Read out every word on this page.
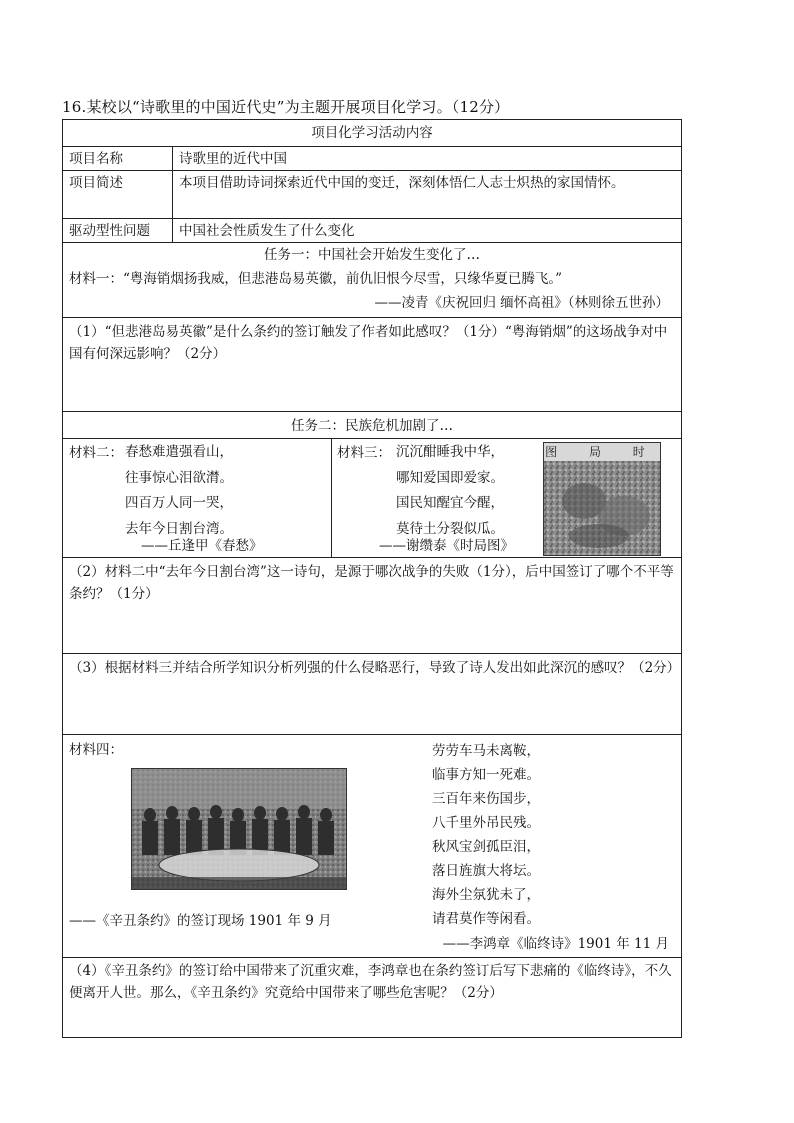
16.某校以“诗歌里的中国近代史”为主题开展项目化学习。（12分）
项目化学习活动内容
项目名称	诗歌里的近代中国
项目简述	本项目借助诗词探索近代中国的变迁，深刻体悟仁人志士炽热的家国情怀。
驱动型性问题 中国社会性质发生了什么变化
任务一：中国社会开始发生变化了…
材料一：“粤海销烟扬我威，但悲港岛易英徽，前仇旧恨今尽雪，只缘华夏已腾飞。”
——凌青《庆祝回归 缅怀高祖》（林则徐五世孙）
（1）“但悲港岛易英徽”是什么条约的签订触发了作者如此感叹？（1分）“粤海销烟”的这场战争对中国有何深远影响？（2分）
任务二：民族危机加剧了…
材料二： 春愁难遣强看山，
往事惊心泪欲潸。
四百万人同一哭，
去年今日割台湾。
——丘逢甲《春愁》
材料三： 沉沉酣睡我中华，
哪知爱国即爱家。
国民知醒宜今醒，
莫待土分裂似瓜。
——谢缵泰《时局图》
图 局 时
（2）材料二中“去年今日割台湾”这一诗句，是源于哪次战争的失败（1分），后中国签订了哪个不平等条约？（1分）
（3）根据材料三并结合所学知识分析列强的什么侵略恶行，导致了诗人发出如此深沉的感叹？（2分）
材料四：
——《辛丑条约》的签订现场 1901 年 9 月
劳劳车马未离鞍，
临事方知一死难。
三百年来伤国步，
八千里外吊民残。
秋风宝剑孤臣泪，
落日旌旗大将坛。
海外尘氛犹未了，
请君莫作等闲看。
——李鸿章《临终诗》1901 年 11 月
（4）《辛丑条约》的签订给中国带来了沉重灾难，李鸿章也在条约签订后写下悲痛的《临终诗》，不久便离开人世。那么，《辛丑条约》究竟给中国带来了哪些危害呢？（2分）
